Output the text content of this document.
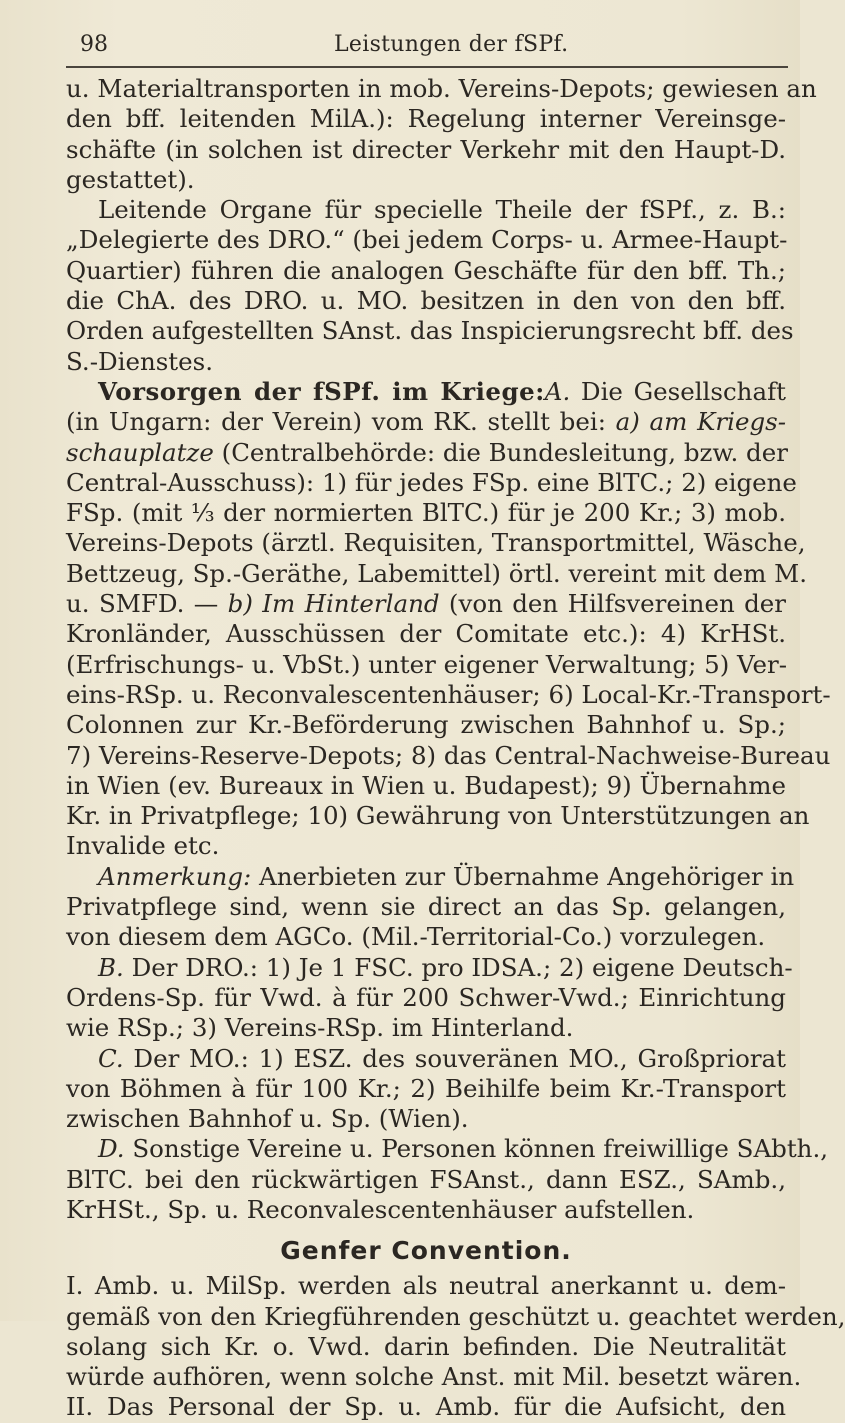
98	Leistungen der fSPf.
u. Materialtransporten in mob. Vereins-Depots; gewiesen an
den bff. leitenden MilA.): Regelung interner Vereinsge-
schäfte (in solchen ist directer Verkehr mit den Haupt-D.
gestattet).
Leitende Organe für specielle Theile der fSPf., z. B.:
„Delegierte des DRO.“ (bei jedem Corps- u. Armee-Haupt-
Quartier) führen die analogen Geschäfte für den bff. Th.;
die ChA. des DRO. u. MO. besitzen in den von den bff.
Orden aufgestellten SAnst. das Inspicierungsrecht bff. des
S.-Dienstes.
Vorsorgen der fSPf. im Kriege:A. Die Gesellschaft
(in Ungarn: der Verein) vom RK. stellt bei: a) am Kriegs-
schauplatze (Centralbehörde: die Bundesleitung, bzw. der
Central-Ausschuss): 1) für jedes FSp. eine BlTC.; 2) eigene
FSp. (mit ⅓ der normierten BlTC.) für je 200 Kr.; 3) mob.
Vereins-Depots (ärztl. Requisiten, Transportmittel, Wäsche,
Bettzeug, Sp.-Geräthe, Labemittel) örtl. vereint mit dem M.
u. SMFD. — b) Im Hinterland (von den Hilfsvereinen der
Kronländer, Ausschüssen der Comitate etc.): 4) KrHSt.
(Erfrischungs- u. VbSt.) unter eigener Verwaltung; 5) Ver-
eins-RSp. u. Reconvalescentenhäuser; 6) Local-Kr.-Transport-
Colonnen zur Kr.-Beförderung zwischen Bahnhof u. Sp.;
7) Vereins-Reserve-Depots; 8) das Central-Nachweise-Bureau
in Wien (ev. Bureaux in Wien u. Budapest); 9) Übernahme
Kr. in Privatpflege; 10) Gewährung von Unterstützungen an
Invalide etc.
Anmerkung: Anerbieten zur Übernahme Angehöriger in
Privatpflege sind, wenn sie direct an das Sp. gelangen,
von diesem dem AGCo. (Mil.-Territorial-Co.) vorzulegen.
B. Der DRO.: 1) Je 1 FSC. pro IDSA.; 2) eigene Deutsch-
Ordens-Sp. für Vwd. à für 200 Schwer-Vwd.; Einrichtung
wie RSp.; 3) Vereins-RSp. im Hinterland.
C. Der MO.: 1) ESZ. des souveränen MO., Großpriorat
von Böhmen à für 100 Kr.; 2) Beihilfe beim Kr.-Transport
zwischen Bahnhof u. Sp. (Wien).
D. Sonstige Vereine u. Personen können freiwillige SAbth.,
BlTC. bei den rückwärtigen FSAnst., dann ESZ., SAmb.,
KrHSt., Sp. u. Reconvalescentenhäuser aufstellen.
Genfer Convention.
I. Amb. u. MilSp. werden als neutral anerkannt u. dem-
gemäß von den Kriegführenden geschützt u. geachtet werden,
solang sich Kr. o. Vwd. darin befinden. Die Neutralität
würde aufhören, wenn solche Anst. mit Mil. besetzt wären.
II. Das Personal der Sp. u. Amb. für die Aufsicht, den
